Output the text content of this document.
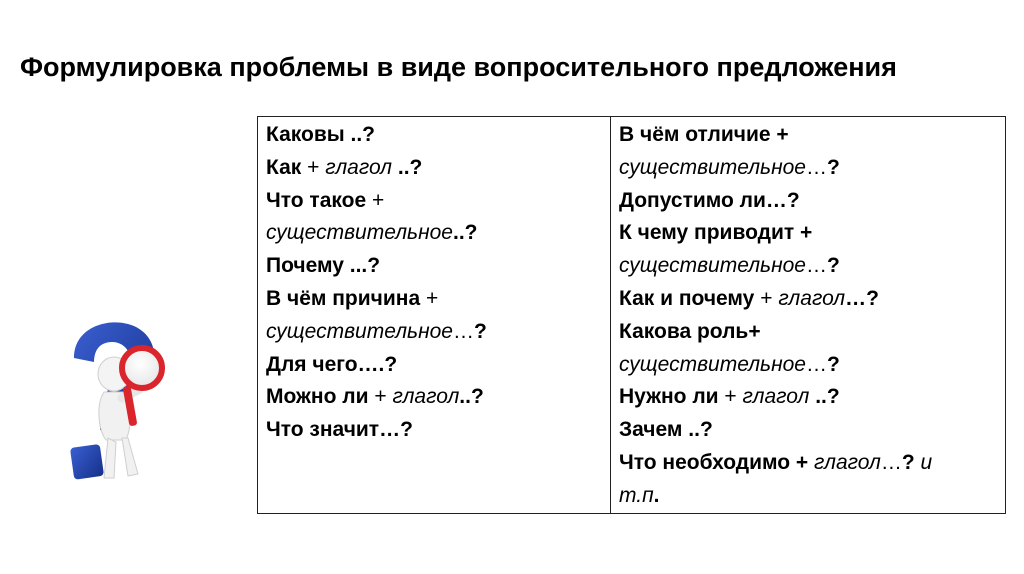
Формулировка проблемы в виде вопросительного предложения
Каковы ..?
Как + глагол ..?
Что такое +
существительное..?
Почему ...?
В чём причина +
существительное…?
Для чего….?
Можно ли + глагол..?
Что значит…?
В чём отличие +
существительное…?
Допустимо ли…?
К чему приводит +
существительное…?
Как и почему + глагол…?
Какова роль+
существительное…?
Нужно ли + глагол ..?
Зачем ..?
Что необходимо + глагол…? и
т.п.
